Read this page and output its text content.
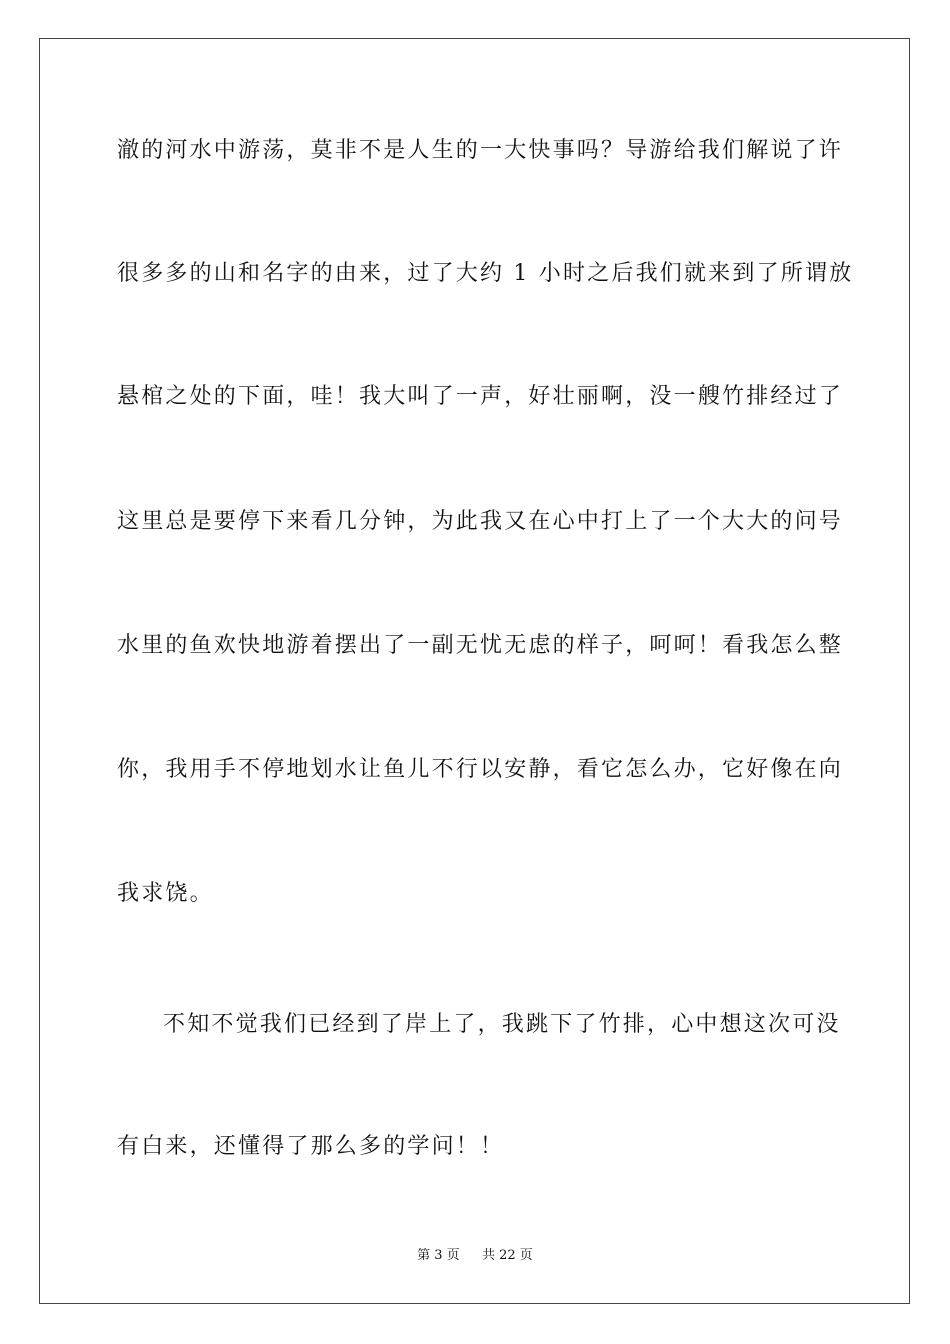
澈的河水中游荡，莫非不是人生的一大快事吗？导游给我们解说了许
很多多的山和名字的由来，过了大约 1 小时之后我们就来到了所谓放
悬棺之处的下面，哇！我大叫了一声，好壮丽啊，没一艘竹排经过了
这里总是要停下来看几分钟，为此我又在心中打上了一个大大的问号
水里的鱼欢快地游着摆出了一副无忧无虑的样子，呵呵！看我怎么整
你，我用手不停地划水让鱼儿不行以安静，看它怎么办，它好像在向
我求饶。
不知不觉我们已经到了岸上了，我跳下了竹排，心中想这次可没
有白来，还懂得了那么多的学问！！
第 3 页 共 22 页
